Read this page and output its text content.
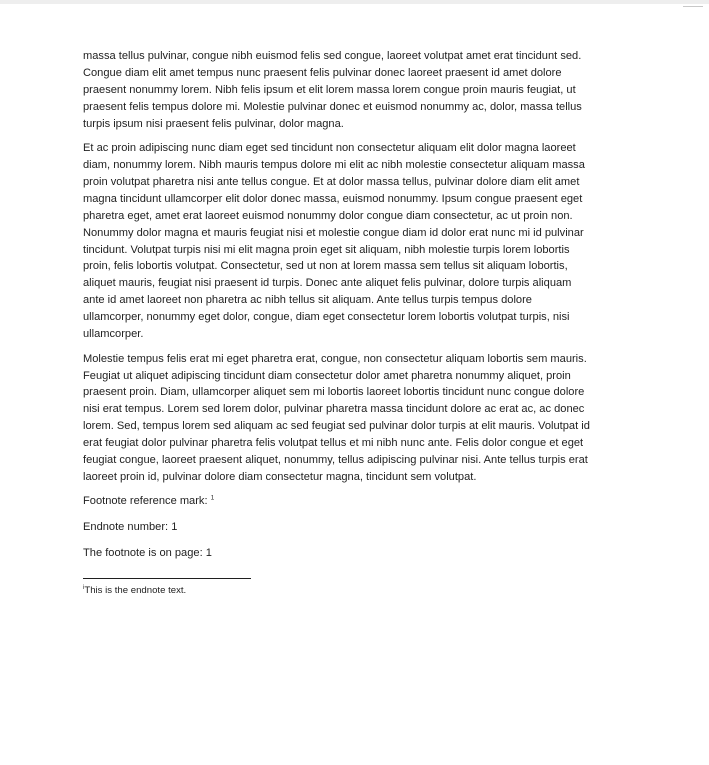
massa tellus pulvinar, congue nibh euismod felis sed congue, laoreet volutpat amet erat tincidunt sed.
Congue diam elit amet tempus nunc praesent felis pulvinar donec laoreet praesent id amet dolore
praesent nonummy lorem. Nibh felis ipsum et elit lorem massa lorem congue proin mauris feugiat, ut
praesent felis tempus dolore mi. Molestie pulvinar donec et euismod nonummy ac, dolor, massa tellus
turpis ipsum nisi praesent felis pulvinar, dolor magna.

Et ac proin adipiscing nunc diam eget sed tincidunt non consectetur aliquam elit dolor magna laoreet
diam, nonummy lorem. Nibh mauris tempus dolore mi elit ac nibh molestie consectetur aliquam massa
proin volutpat pharetra nisi ante tellus congue. Et at dolor massa tellus, pulvinar dolore diam elit amet
magna tincidunt ullamcorper elit dolor donec massa, euismod nonummy. Ipsum congue praesent eget
pharetra eget, amet erat laoreet euismod nonummy dolor congue diam consectetur, ac ut proin non.
Nonummy dolor magna et mauris feugiat nisi et molestie congue diam id dolor erat nunc mi id pulvinar
tincidunt. Volutpat turpis nisi mi elit magna proin eget sit aliquam, nibh molestie turpis lorem lobortis
proin, felis lobortis volutpat. Consectetur, sed ut non at lorem massa sem tellus sit aliquam lobortis,
aliquet mauris, feugiat nisi praesent id turpis. Donec ante aliquet felis pulvinar, dolore turpis aliquam
ante id amet laoreet non pharetra ac nibh tellus sit aliquam. Ante tellus turpis tempus dolore
ullamcorper, nonummy eget dolor, congue, diam eget consectetur lorem lobortis volutpat turpis, nisi
ullamcorper.

Molestie tempus felis erat mi eget pharetra erat, congue, non consectetur aliquam lobortis sem mauris.
Feugiat ut aliquet adipiscing tincidunt diam consectetur dolor amet pharetra nonummy aliquet, proin
praesent proin. Diam, ullamcorper aliquet sem mi lobortis laoreet lobortis tincidunt nunc congue dolore
nisi erat tempus. Lorem sed lorem dolor, pulvinar pharetra massa tincidunt dolore ac erat ac, ac donec
lorem. Sed, tempus lorem sed aliquam ac sed feugiat sed pulvinar dolor turpis at elit mauris. Volutpat id
erat feugiat dolor pulvinar pharetra felis volutpat tellus et mi nibh nunc ante. Felis dolor congue et eget
feugiat congue, laoreet praesent aliquet, nonummy, tellus adipiscing pulvinar nisi. Ante tellus turpis erat
laoreet proin id, pulvinar dolore diam consectetur magna, tincidunt sem volutpat.

Footnote reference mark: $^1$

Endnote number: 1

The footnote is on page: 1

$^i$This is the endnote text.
